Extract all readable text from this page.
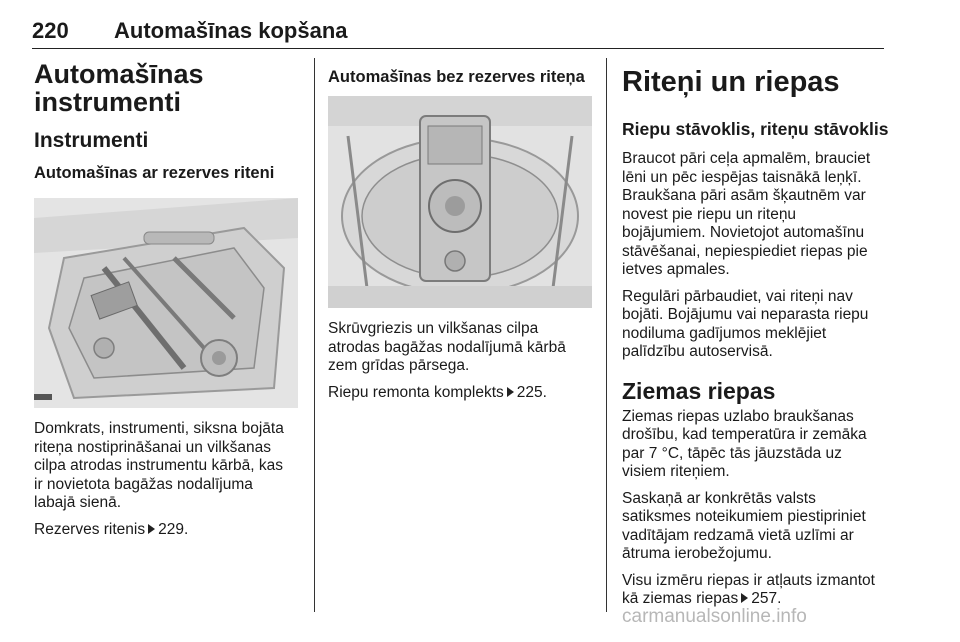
220 Automašīnas kopšana
Automašīnas
instrumenti
Instrumenti
Automašīnas ar rezerves riteni
Domkrats, instrumenti, siksna bojāta
riteņa nostiprināšanai un vilkšanas
cilpa atrodas instrumentu kārbā, kas
ir novietota bagāžas nodalījuma
labajā sienā.
Rezerves ritenis 229.
Automašīnas bez rezerves riteņa
Skrūvgriezis un vilkšanas cilpa
atrodas bagāžas nodalījumā kārbā
zem grīdas pārsega.
Riepu remonta komplekts 225.
Riteņi un riepas
Riepu stāvoklis, riteņu stāvoklis
Braucot pāri ceļa apmalēm, brauciet
lēni un pēc iespējas taisnākā leņķī.
Braukšana pāri asām šķautnēm var
novest pie riepu un riteņu
bojājumiem. Novietojot automašīnu
stāvēšanai, nepiespiediet riepas pie
ietves apmales.
Regulāri pārbaudiet, vai riteņi nav
bojāti. Bojājumu vai neparasta riepu
nodiluma gadījumos meklējiet
palīdzību autoservisā.
Ziemas riepas
Ziemas riepas uzlabo braukšanas
drošību, kad temperatūra ir zemāka
par 7 °C, tāpēc tās jāuzstāda uz
visiem riteņiem.
Saskaņā ar konkrētās valsts
satiksmes noteikumiem piestipriniet
vadītājam redzamā vietā uzlīmi ar
ātruma ierobežojumu.
Visu izmēru riepas ir atļauts izmantot
kā ziemas riepas 257.
carmanualsonline.info
